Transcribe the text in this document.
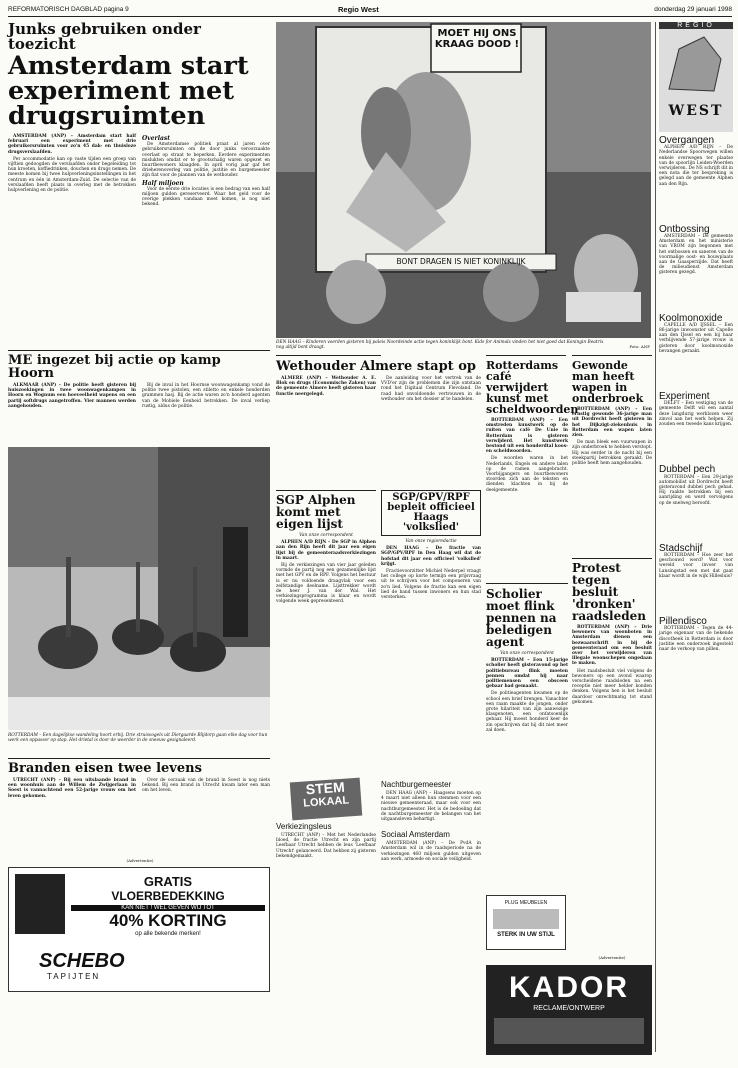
REFORMATORISCH DAGBLAD pagina 9	Regio West	donderdag 29 januari 1998
Junks gebruiken onder toezicht
Amsterdam start experiment met drugsruimten

AMSTERDAM (ANP) – Amsterdam start half februari een experiment met drie gebruikersruimten voor zo'n 45 dak- en thuisloze drugsverslaafden.

Per accommodatie kan op vaste tijden een groep van vijftien gedoogden de verslaafden onder begeleiding tot hun kroeten, koffiedrinken, douchen en drugs nemen. De meeste komen bij twee hulpverleningsinstellingen in het centrum en één in Amsterdam-Zuid. De selectie van de verslaafden heeft plaats in overleg met de betrokken hulpverlening en de politie.

Overlast

De Amsterdamse politiek praat al jaren over gebruikersruimten om de door junks veroorzaakte overlast op straat te beperken. Eerdere experimenten mislukten omdat er te grootschalig waren opgezet en buurtbewoners klaagden. In april vorig jaar gaf het drieherenoverleg van politie, justitie en burgemeester zijn fiat voor de plannen van de wethouder.

Half miljoen

Voor de eerste drie locaties is een bedrag van een half miljoen gulden gereserveerd. Waar het geld voor de overige plekken vandaan moet komen, is nog niet bekend.

MOET HIJ ONS KRAAG DOOD !
BONT DRAGEN IS NIET KONINKLIJK
DEN HAAG – Kinderen voerden gisteren bij paleis Noordeinde actie tegen koninklijk bont. Kids for Animals vinden het niet goed dat Koningin Beatrix nog altijd bont draagt.	Foto: ANP
REGIO
WEST
Overgangen

ALPHEN A/D RIJN – De Nederlandse Spoorwegen willen enkele overwegen ter plaatse van de spoorlijn Leiden-Woerden verwijderen. De NS schrijft dit in een nota die ter bespreking is gelegd aan de gemeente Alphen aan den Rijn.

Ontbossing

AMSTERDAM – De gemeente Amsterdam en het ministerie van VROM zijn begonnen met het ontbossen en saneren van de voormalige oost- en bouwplaats aan de Gaasperzijde. Dat heeft de milieudienst Amsterdam gisteren gezegd.

Koolmonoxide

CAPELLE A/D IJSSEL – Een 86-jarige inwoonster uit Capelle aan den IJssel en een bij haar verblijvende 57-jarige vrouw is gisteren door koolmonoxide bevangen geraakt.

Experiment

DELFT – Een vestiging van de gemeente Delft wil een aantal deze langdurig werklozen weer zinvol aan het werk helpen. Zij zouden een tweede kans krijgen.

Dubbel pech

ROTTERDAM – Een 29-jarige automobilist uit Dordrecht heeft gisteravond dubbel pech gehad. Hij raakte betrokken bij een aanrijding en werd vervolgens op de snelweg beroofd.

Stadschijf

ROTTERDAM – Hoe zeer het geschouwd werd? Wat voor wereld voor invoer van Lansingstad een met dat gaat klaar wordt in de wijk Hillesluis?

Pillendisco

ROTTERDAM – Tegen de 44-jarige eigenaar van de bekende discotheek in Rotterdam is door justitie een onderzoek ingesteld naar de verkoop van pillen.

ME ingezet bij actie op kamp Hoorn

ALKMAAR (ANP) – De politie heeft gisteren bij huiszoekingen in twee woonwagenkampen in Hoorn en Wognum een hoeveelheid wapens en een partij softdrugs aangetroffen. Vier mannen werden aangehouden.

Bij de inval in het Hoornse woonwagenkamp vond de politie twee pistolen, een stiletto en enkele honderden grammen hasj. Bij de actie waren zo'n honderd agenten van de Mobiele Eenheid betrokken. De inval verliep rustig, aldus de politie.

ROTTERDAM – Een dagelijkse wandeling hoort erbij. Drie struisvogels uit Diergaarde Blijdorp gaan elke dag voor hun werk een oppasser op stap. Het drietal is door de weerder in de sneeuw gesignaleerd.
Branden eisen twee levens

UTRECHT (ANP) – Bij een uitslaande brand in een woonhuis aan de Willem de Zwijgerlaan in Soest is vannachtend een 52-jarige vrouw om het leven gekomen.

Over de oorzaak van de brand in Soest is nog niets bekend. Bij een brand in Utrecht kwam later een man om het leven.

(Advertentie)
GRATIS
VLOERBEDEKKING
KAN NIET ! WEL GEVEN WIJ TOT
40% KORTING
op alle bekende merken!
SCHEBO
TAPIJTEN
Wethouder Almere stapt op

ALMERE (ANP) – Wethouder A. E. Blok en drugs (Economische Zaken) van de gemeente Almere heeft gisteren haar functie neergelegd.

De aanleiding voor het vertrek van de VVD'er zijn de problemen die zijn ontstaan rond het Digitaal Centrum Flevoland. De raad had onvoldoende vertrouwen in de wethouder om het dossier af te handelen.

SGP Alphen komt met eigen lijst

Van onze correspondent

ALPHEN A/D RIJN – De SGP in Alphen aan den Rijn heeft dit jaar een eigen lijst bij de gemeenteraadsverkiezingen in maart.

Bij de verkiezingen van vier jaar geleden vormde de partij nog een gezamenlijke lijst met het GPV en de RPF. Volgens het bestuur is er nu voldoende draagvlak voor een zelfstandige deelname. Lijsttrekker wordt de heer J. van der Wal. Het verkiezingsprogramma is klaar en wordt volgende week gepresenteerd.

SGP/GPV/RPF bepleit officieel Haags 'volkslied'

Van onze regioredactie

DEN HAAG – De fractie van SGP/GPV/RPF in Den Haag wil dat de hofstad dit jaar een officieel 'volkslied' krijgt.

Fractievoorzitter Michiel Nederpel vraagt het college op korte termijn een prijsvraag uit te schrijven voor het componeren van zo'n lied. Volgens de fractie kan een eigen lied de band tussen inwoners en hun stad versterken.

STEM
LOKAAL
Verkiezingsleus

UTRECHT (ANP) – Met het Nederlandse bloed, de fractie Utrecht en zijn partij Leefbaar Utrecht hebben de leus 'Leefbaar Utrecht' gelanceerd. Dat hebben zij gisteren bekendgemaakt.

Nachtburgemeester

DEN HAAG (ANP) – Haagsens moeten op 4 maart niet alleen hun stemmen voor een nieuwe gemeenteraad, maar ook voor een nachtburgemeester. Het is de bedoeling dat de nachtburgemeester de belangen van het uitgaansleven behartigt.

Sociaal Amsterdam

AMSTERDAM (ANP) – De PvdA in Amsterdam wil in de raadsperiode na de verkiezingen 460 miljoen gulden uitgeven aan werk, armoede en sociale veiligheid.

Rotterdams café verwijdert kunst met scheldwoorden

ROTTERDAM (ANP) – Een omstreden kunstwerk op de ruiten van café De Unie in Rotterdam is gisteren verwijderd. Het kunstwerk bestond uit een honderdtal koos- en scheldwoorden.

De woorden waren in het Nederlands, Engels en andere talen op de ramen aangebracht. Voorbijgangers en buurtbewoners stoorden zich aan de teksten en dienden klachten in bij de deelgemeente.

Gewonde man heeft wapen in onderbroek

ROTTERDAM (ANP) – Een ernstig gewonde 36-jarige man uit Dordrecht heeft gisteren in het Dijkzigt-ziekenhuis in Rotterdam een wapen laten zien.

De man bleek een vuurwapen in zijn onderbroek te hebben verstopt. Hij was eerder in de nacht bij een steekpartij betrokken geraakt. De politie heeft hem aangehouden.

Protest tegen besluit 'dronken' raadsleden

ROTTERDAM (ANP) – Drie bewoners van woonboten in Amsterdam dienen een bezwaarschrift in bij de gemeenteraad om een besluit over het verwijderen van illegale woonschepen ongedaan te maken.

Het raadsbesluit viel volgens de bewoners op een avond waarop verscheidene raadsleden na een receptie niet meer helder konden denken. Volgens hen is het besluit daardoor onrechtmatig tot stand gekomen.

Scholier moet flink pennen na beledigen agent

Van onze correspondent

ROTTERDAM – Een 15-jarige scholier heeft gisteravond op het politiebureau flink moeten pennen omdat hij naar politiemensen een obsceen gebaar had gemaakt.

De politieagenten kwamen op de school een brief brengen. Vanachter een raam maakte de jongen, onder grote hilariteit van zijn aanwezige klasgenoten, een onfatsoenlijk gebaar. Hij moest honderd keer de zin opschrijven dat hij dit niet meer zal doen.

PLUG MEUBELEN
STERK IN UW STIJL
(Advertentie)
KADOR
RECLAME/ONTWERP
